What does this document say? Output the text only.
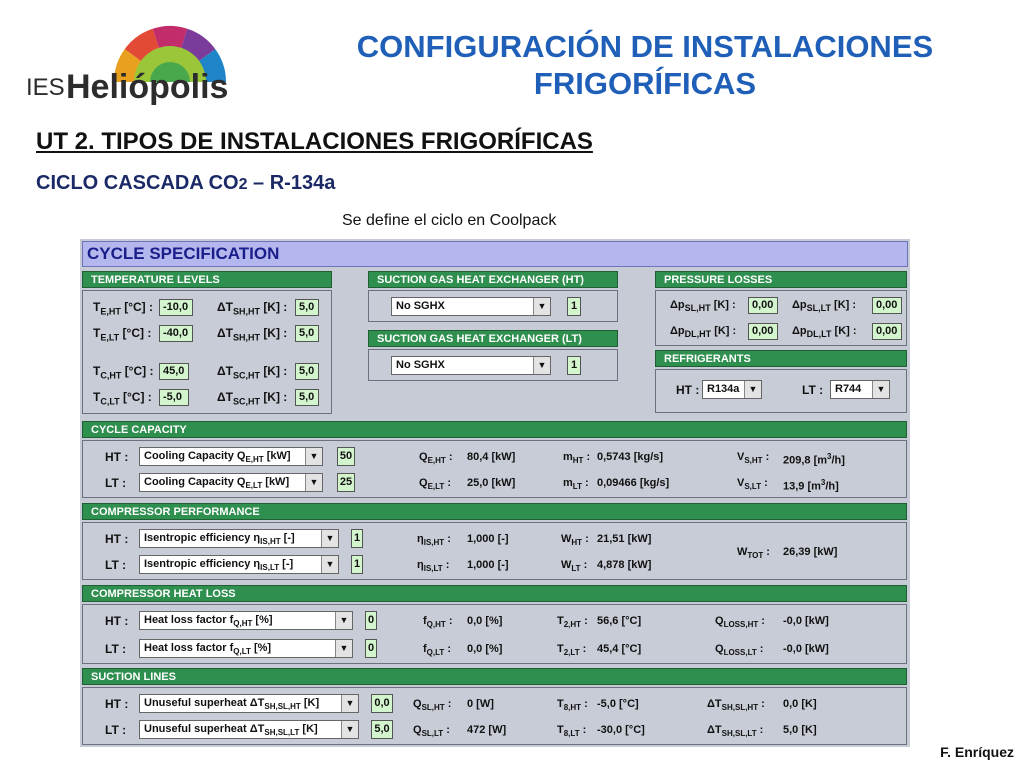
IES Heliópolis
CONFIGURACIÓN DE INSTALACIONES FRIGORÍFICAS
UT 2. TIPOS DE INSTALACIONES FRIGORÍFICAS
CICLO CASCADA CO2 – R-134a
Se define el ciclo en Coolpack
F. Enríquez
CYCLE SPECIFICATION
TEMPERATURE LEVELS
$T_{E,HT}$ [°C] : -10,0	$\Delta T_{SH,HT}$ [K] :	5,0
$T_{E,LT}$ [°C] :	-40,0	$\Delta T_{SH,HT}$ [K] :	5,0
$T_{C,HT}$ [°C] : 45,0	$\Delta T_{SC,HT}$ [K] :	5,0
$T_{C,LT}$ [°C] :	-5,0	$\Delta T_{SC,HT}$ [K] :	5,0
SUCTION GAS HEAT EXCHANGER (HT)
No SGHX	▼	1
SUCTION GAS HEAT EXCHANGER (LT)
No SGHX	▼	1
PRESSURE LOSSES
$\Delta p_{SL,HT}$ [K] :	0,00	$\Delta p_{SL,LT}$ [K] :	0,00
$\Delta p_{DL,HT}$ [K] :	0,00	$\Delta p_{DL,LT}$ [K] :	0,00
REFRIGERANTS
HT : R134a	▼	LT :	R744	▼
CYCLE CAPACITY
HT :	Cooling Capacity $Q_{E,HT}$ [kW]	▼	50	$Q_{E,HT}$ : 80,4 [kW]	$m_{HT}$ : 0,5743 [kg/s]	$V_{S,HT}$ : 209,8 $[m^3/h]$
LT :	Cooling Capacity $Q_{E,LT}$ [kW]	▼	25	$Q_{E,LT}$ : 25,0 [kW]	$m_{LT}$ : 0,09466 [kg/s]	$V_{S,LT}$ : 13,9 $[m^3/h]$
COMPRESSOR PERFORMANCE
HT :	Isentropic efficiency $\eta_{IS,HT}$ [-]	▼	1	$\eta_{IS,HT}$ : 1,000 [-]	$W_{HT}$ : 21,51 [kW]
LT :	Isentropic efficiency $\eta_{IS,LT}$ [-]	▼	1	$\eta_{IS,LT}$ : 1,000 [-]	$W_{LT}$ : 4,878 [kW]
$W_{TOT}$ : 26,39 [kW]
COMPRESSOR HEAT LOSS
HT :	Heat loss factor $f_{Q,HT}$ [%]	▼	0	$f_{Q,HT}$ : 0,0 [%]	$T_{2,HT}$ : 56,6 [°C]	$Q_{LOSS,HT}$ : -0,0 [kW]
LT :	Heat loss factor $f_{Q,LT}$ [%]	▼	0	$f_{Q,LT}$ : 0,0 [%]	$T_{2,LT}$ : 45,4 [°C]	$Q_{LOSS,LT}$ : -0,0 [kW]
SUCTION LINES
HT :	Unuseful superheat $\Delta T_{SH,SL,HT}$ [K]	▼	0,0	$Q_{SL,HT}$ : 0 [W]	$T_{8,HT}$ : -5,0 [°C]	$\Delta T_{SH,SL,HT}$ : 0,0 [K]
LT :	Unuseful superheat $\Delta T_{SH,SL,LT}$ [K]	▼	5,0	$Q_{SL,LT}$ : 472 [W]	$T_{8,LT}$ : -30,0 [°C]	$\Delta T_{SH,SL,LT}$ : 5,0 [K]
